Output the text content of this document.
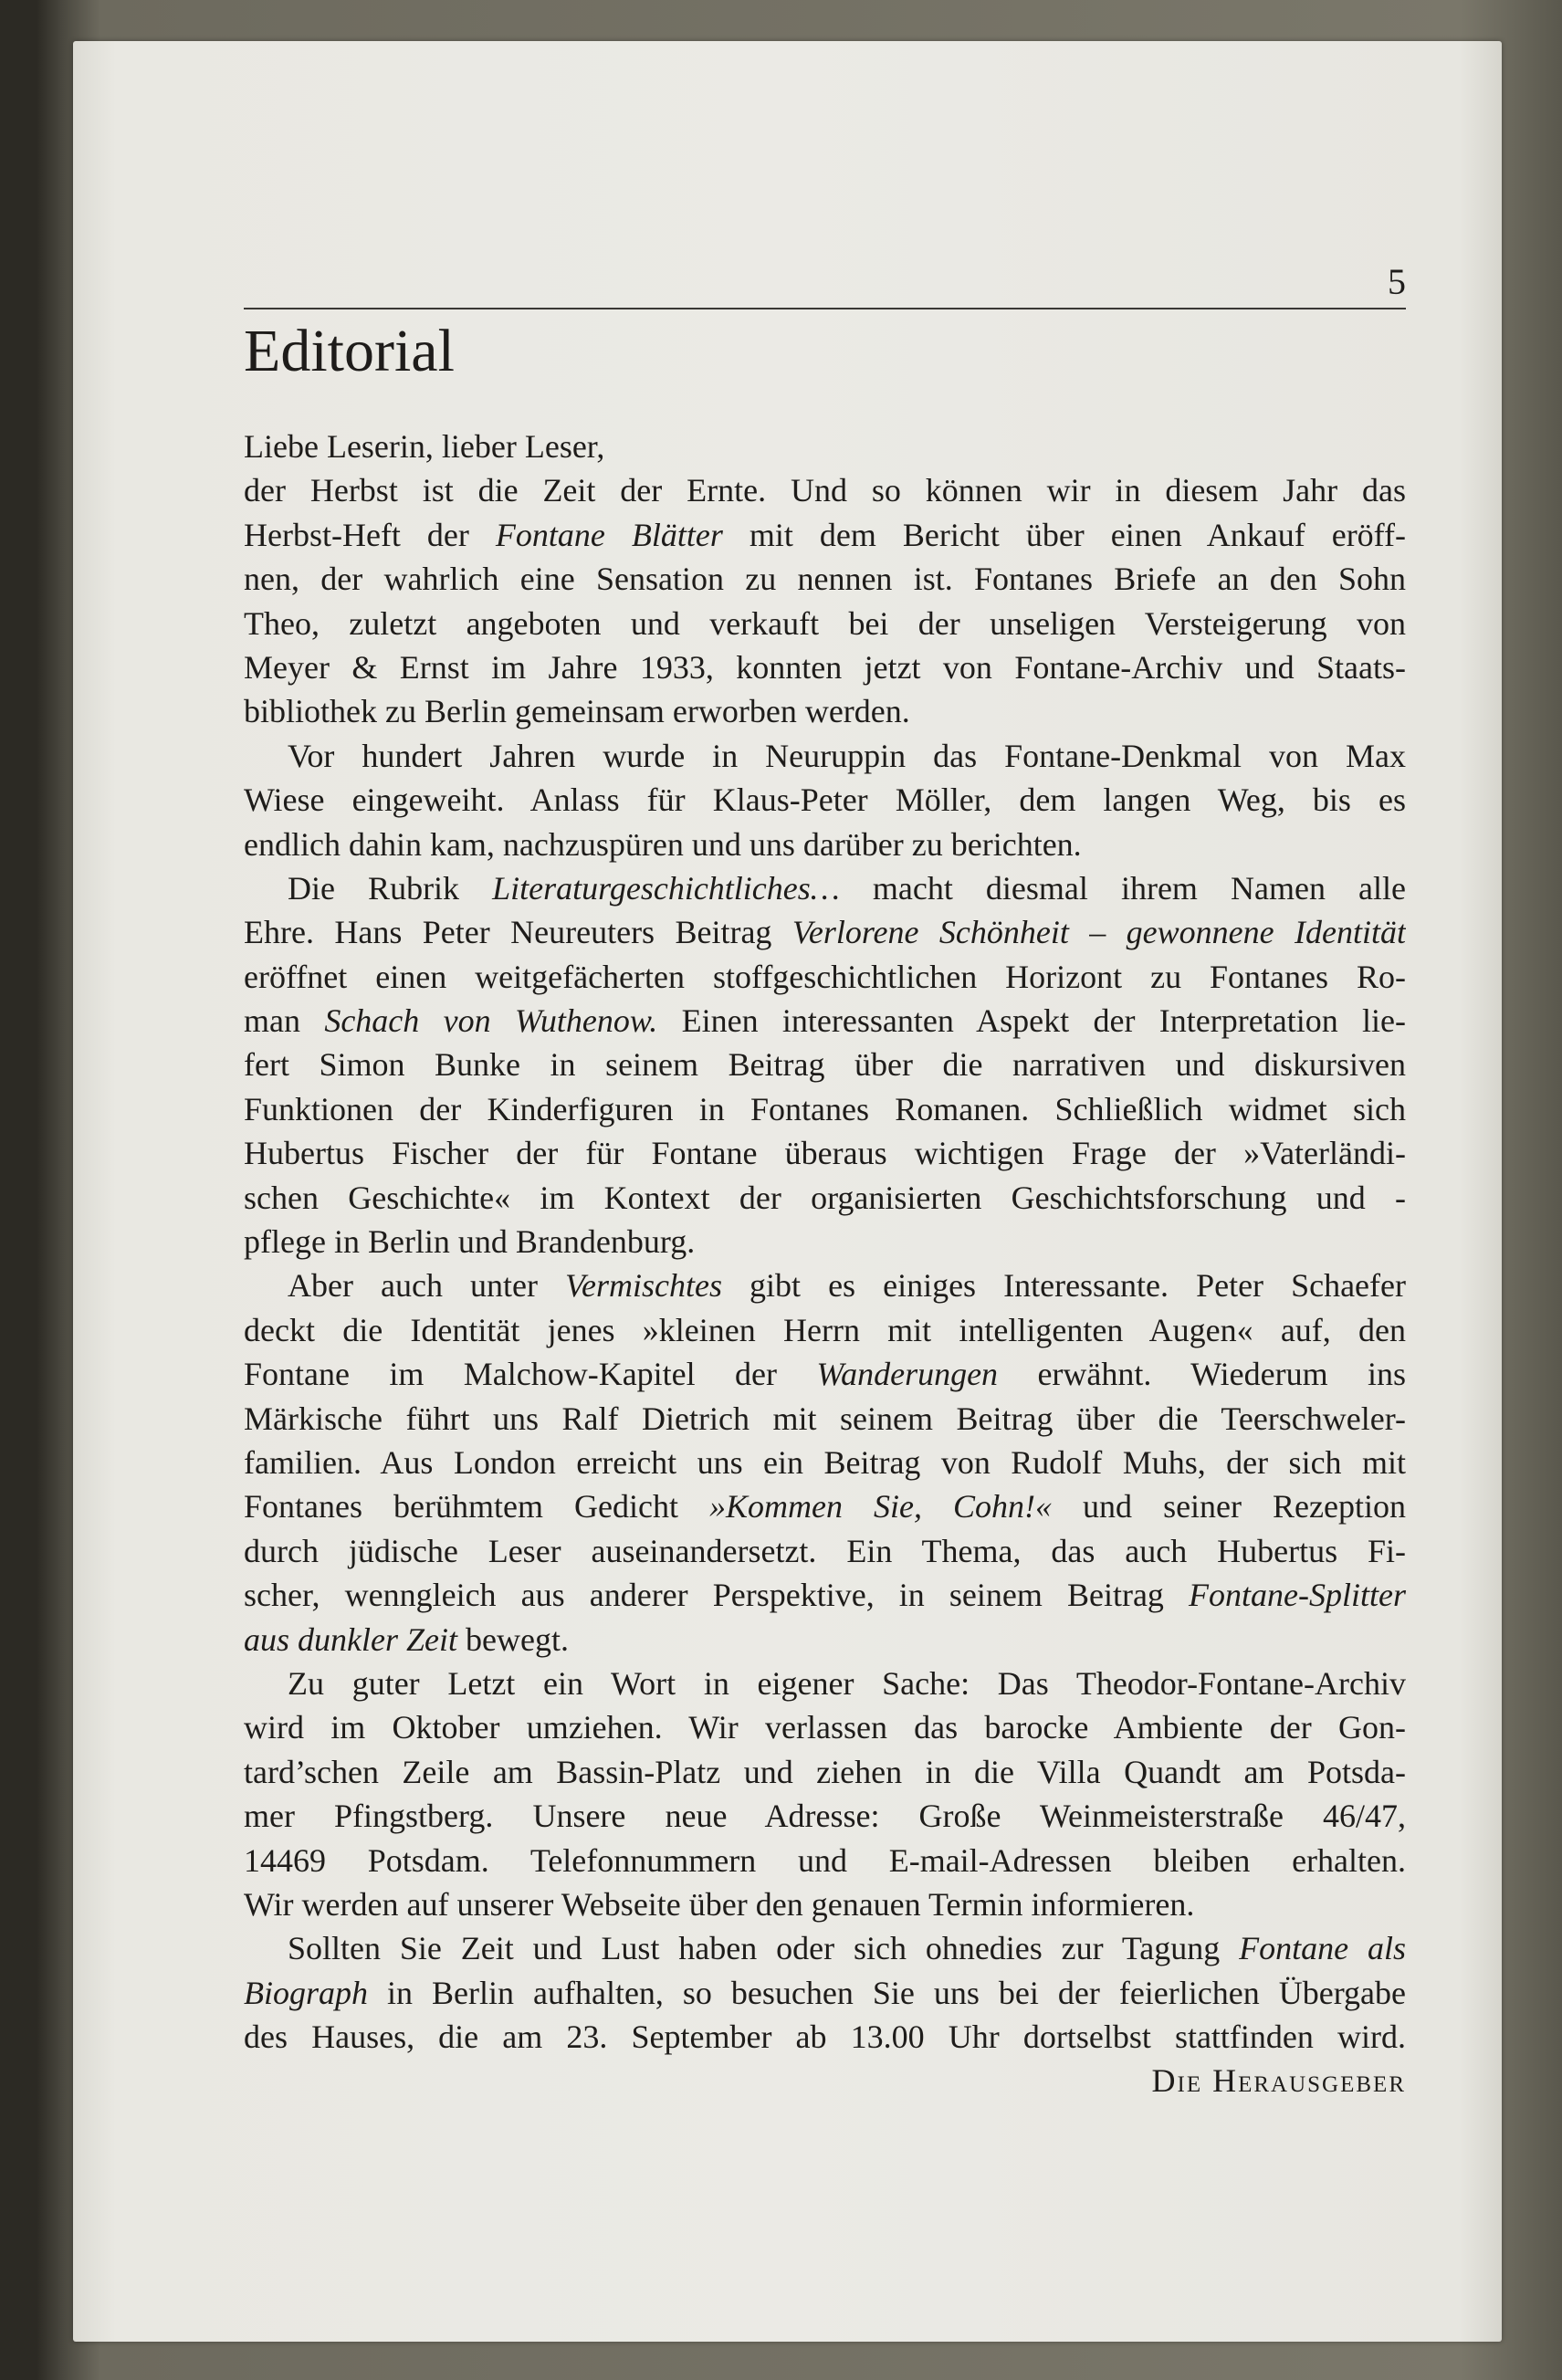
5
Editorial
Liebe Leserin, lieber Leser,
der Herbst ist die Zeit der Ernte. Und so können wir in diesem Jahr das
Herbst-Heft der Fontane Blätter mit dem Bericht über einen Ankauf eröff-
nen, der wahrlich eine Sensation zu nennen ist. Fontanes Briefe an den Sohn
Theo, zuletzt angeboten und verkauft bei der unseligen Versteigerung von
Meyer & Ernst im Jahre 1933, konnten jetzt von Fontane-Archiv und Staats-
bibliothek zu Berlin gemeinsam erworben werden.
Vor hundert Jahren wurde in Neuruppin das Fontane-Denkmal von Max
Wiese eingeweiht. Anlass für Klaus-Peter Möller, dem langen Weg, bis es
endlich dahin kam, nachzuspüren und uns darüber zu berichten.
Die Rubrik Literaturgeschichtliches… macht diesmal ihrem Namen alle
Ehre. Hans Peter Neureuters Beitrag Verlorene Schönheit – gewonnene Identität
eröffnet einen weitgefächerten stoffgeschichtlichen Horizont zu Fontanes Ro-
man Schach von Wuthenow. Einen interessanten Aspekt der Interpretation lie-
fert Simon Bunke in seinem Beitrag über die narrativen und diskursiven
Funktionen der Kinderfiguren in Fontanes Romanen. Schließlich widmet sich
Hubertus Fischer der für Fontane überaus wichtigen Frage der »Vaterländi-
schen Geschichte« im Kontext der organisierten Geschichtsforschung und -
pflege in Berlin und Brandenburg.
Aber auch unter Vermischtes gibt es einiges Interessante. Peter Schaefer
deckt die Identität jenes »kleinen Herrn mit intelligenten Augen« auf, den
Fontane im Malchow-Kapitel der Wanderungen erwähnt. Wiederum ins
Märkische führt uns Ralf Dietrich mit seinem Beitrag über die Teerschweler-
familien. Aus London erreicht uns ein Beitrag von Rudolf Muhs, der sich mit
Fontanes berühmtem Gedicht »Kommen Sie, Cohn!« und seiner Rezeption
durch jüdische Leser auseinandersetzt. Ein Thema, das auch Hubertus Fi-
scher, wenngleich aus anderer Perspektive, in seinem Beitrag Fontane-Splitter
aus dunkler Zeit bewegt.
Zu guter Letzt ein Wort in eigener Sache: Das Theodor-Fontane-Archiv
wird im Oktober umziehen. Wir verlassen das barocke Ambiente der Gon-
tard’schen Zeile am Bassin-Platz und ziehen in die Villa Quandt am Potsda-
mer Pfingstberg. Unsere neue Adresse: Große Weinmeisterstraße 46/47,
14469 Potsdam. Telefonnummern und E-mail-Adressen bleiben erhalten.
Wir werden auf unserer Webseite über den genauen Termin informieren.
Sollten Sie Zeit und Lust haben oder sich ohnedies zur Tagung Fontane als
Biograph in Berlin aufhalten, so besuchen Sie uns bei der feierlichen Übergabe
des Hauses, die am 23. September ab 13.00 Uhr dortselbst stattfinden wird.
Die Herausgeber
